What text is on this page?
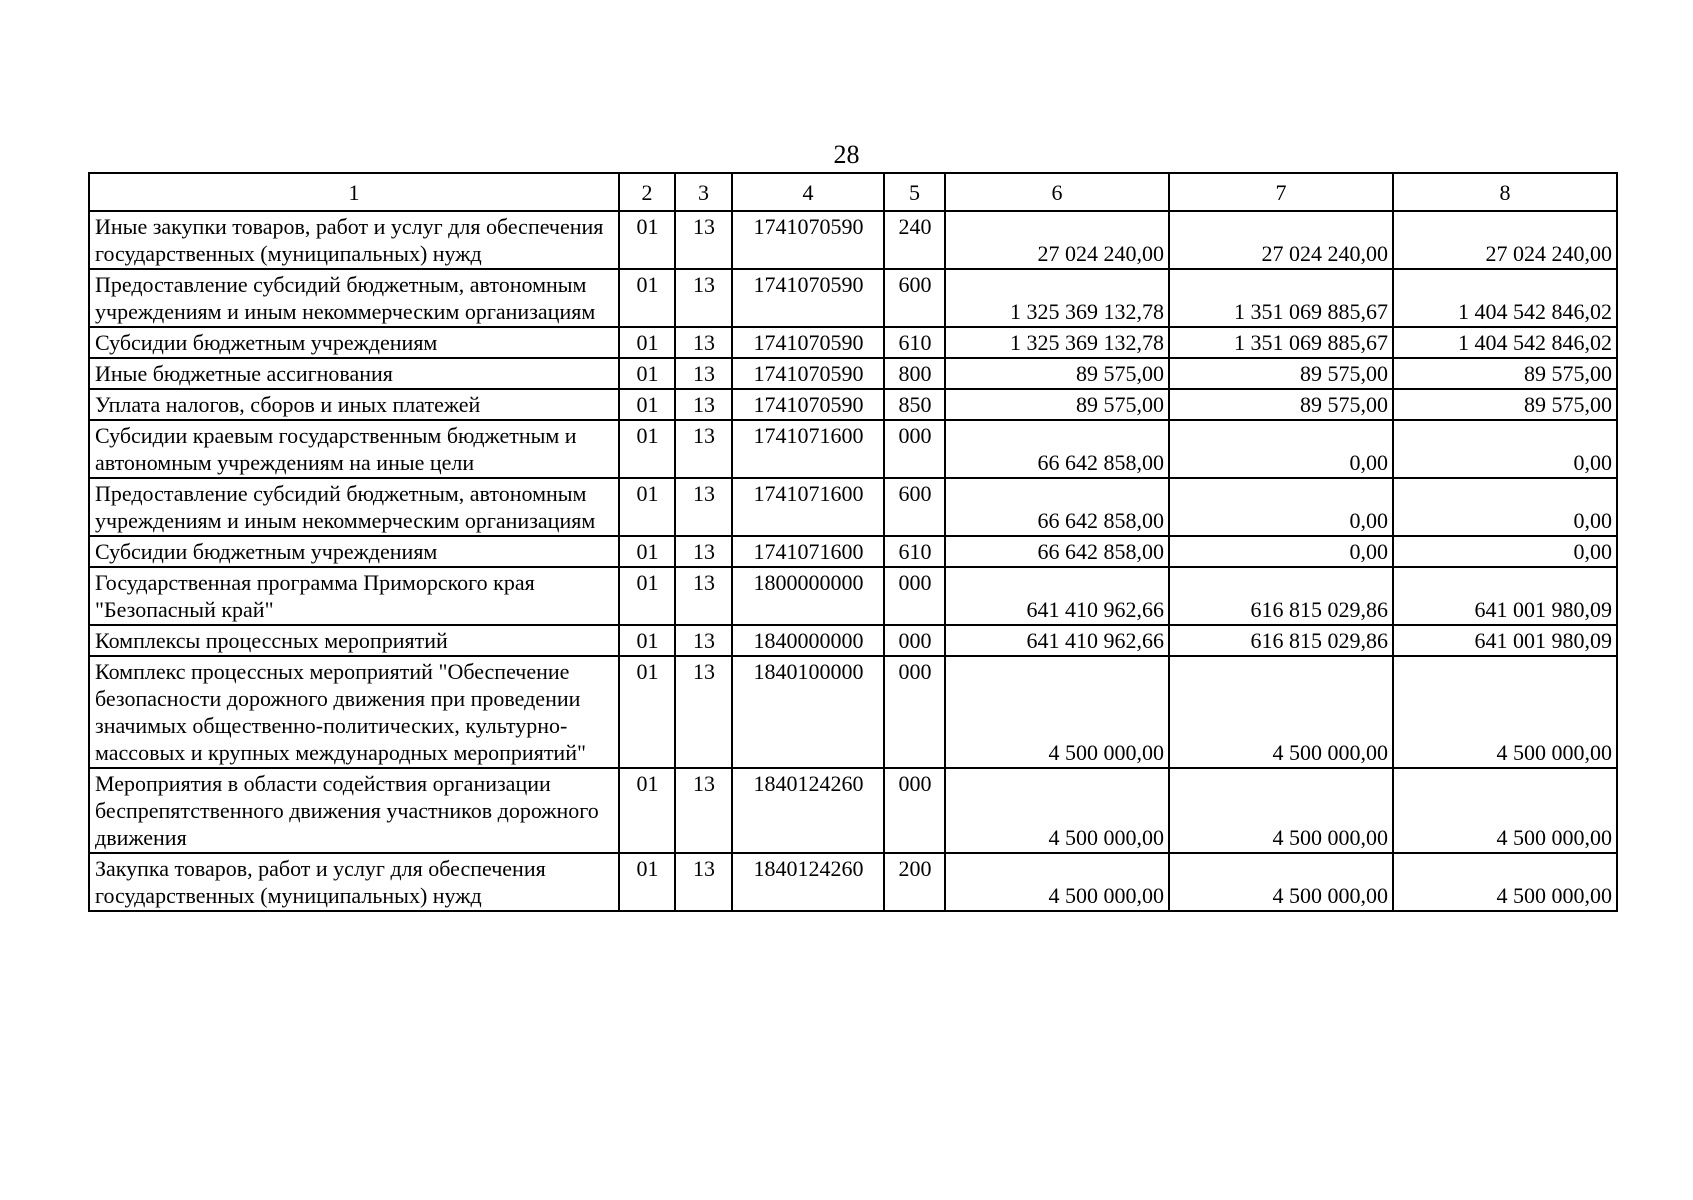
28
1	2	3	4	5	6	7	8
Иные закупки товаров, работ и услуг для обеспечения государственных (муниципальных) нужд	01	13	1741070590	240	27 024 240,00	27 024 240,00	27 024 240,00
Предоставление субсидий бюджетным, автономным учреждениям и иным некоммерческим организациям	01	13	1741070590	600	1 325 369 132,78	1 351 069 885,67	1 404 542 846,02
Субсидии бюджетным учреждениям	01	13	1741070590	610	1 325 369 132,78	1 351 069 885,67	1 404 542 846,02
Иные бюджетные ассигнования	01	13	1741070590	800	89 575,00	89 575,00	89 575,00
Уплата налогов, сборов и иных платежей	01	13	1741070590	850	89 575,00	89 575,00	89 575,00
Субсидии краевым государственным бюджетным и автономным учреждениям на иные цели	01	13	1741071600	000	66 642 858,00	0,00	0,00
Предоставление субсидий бюджетным, автономным учреждениям и иным некоммерческим организациям	01	13	1741071600	600	66 642 858,00	0,00	0,00
Субсидии бюджетным учреждениям	01	13	1741071600	610	66 642 858,00	0,00	0,00
Государственная программа Приморского края "Безопасный край"	01	13	1800000000	000	641 410 962,66	616 815 029,86	641 001 980,09
Комплексы процессных мероприятий	01	13	1840000000	000	641 410 962,66	616 815 029,86	641 001 980,09
Комплекс процессных мероприятий "Обеспечение безопасности дорожного движения при проведении значимых общественно-политических, культурно-массовых и крупных международных мероприятий"	01	13	1840100000	000	4 500 000,00	4 500 000,00	4 500 000,00
Мероприятия в области содействия организации беспрепятственного движения участников дорожного движения	01	13	1840124260	000	4 500 000,00	4 500 000,00	4 500 000,00
Закупка товаров, работ и услуг для обеспечения государственных (муниципальных) нужд	01	13	1840124260	200	4 500 000,00	4 500 000,00	4 500 000,00
